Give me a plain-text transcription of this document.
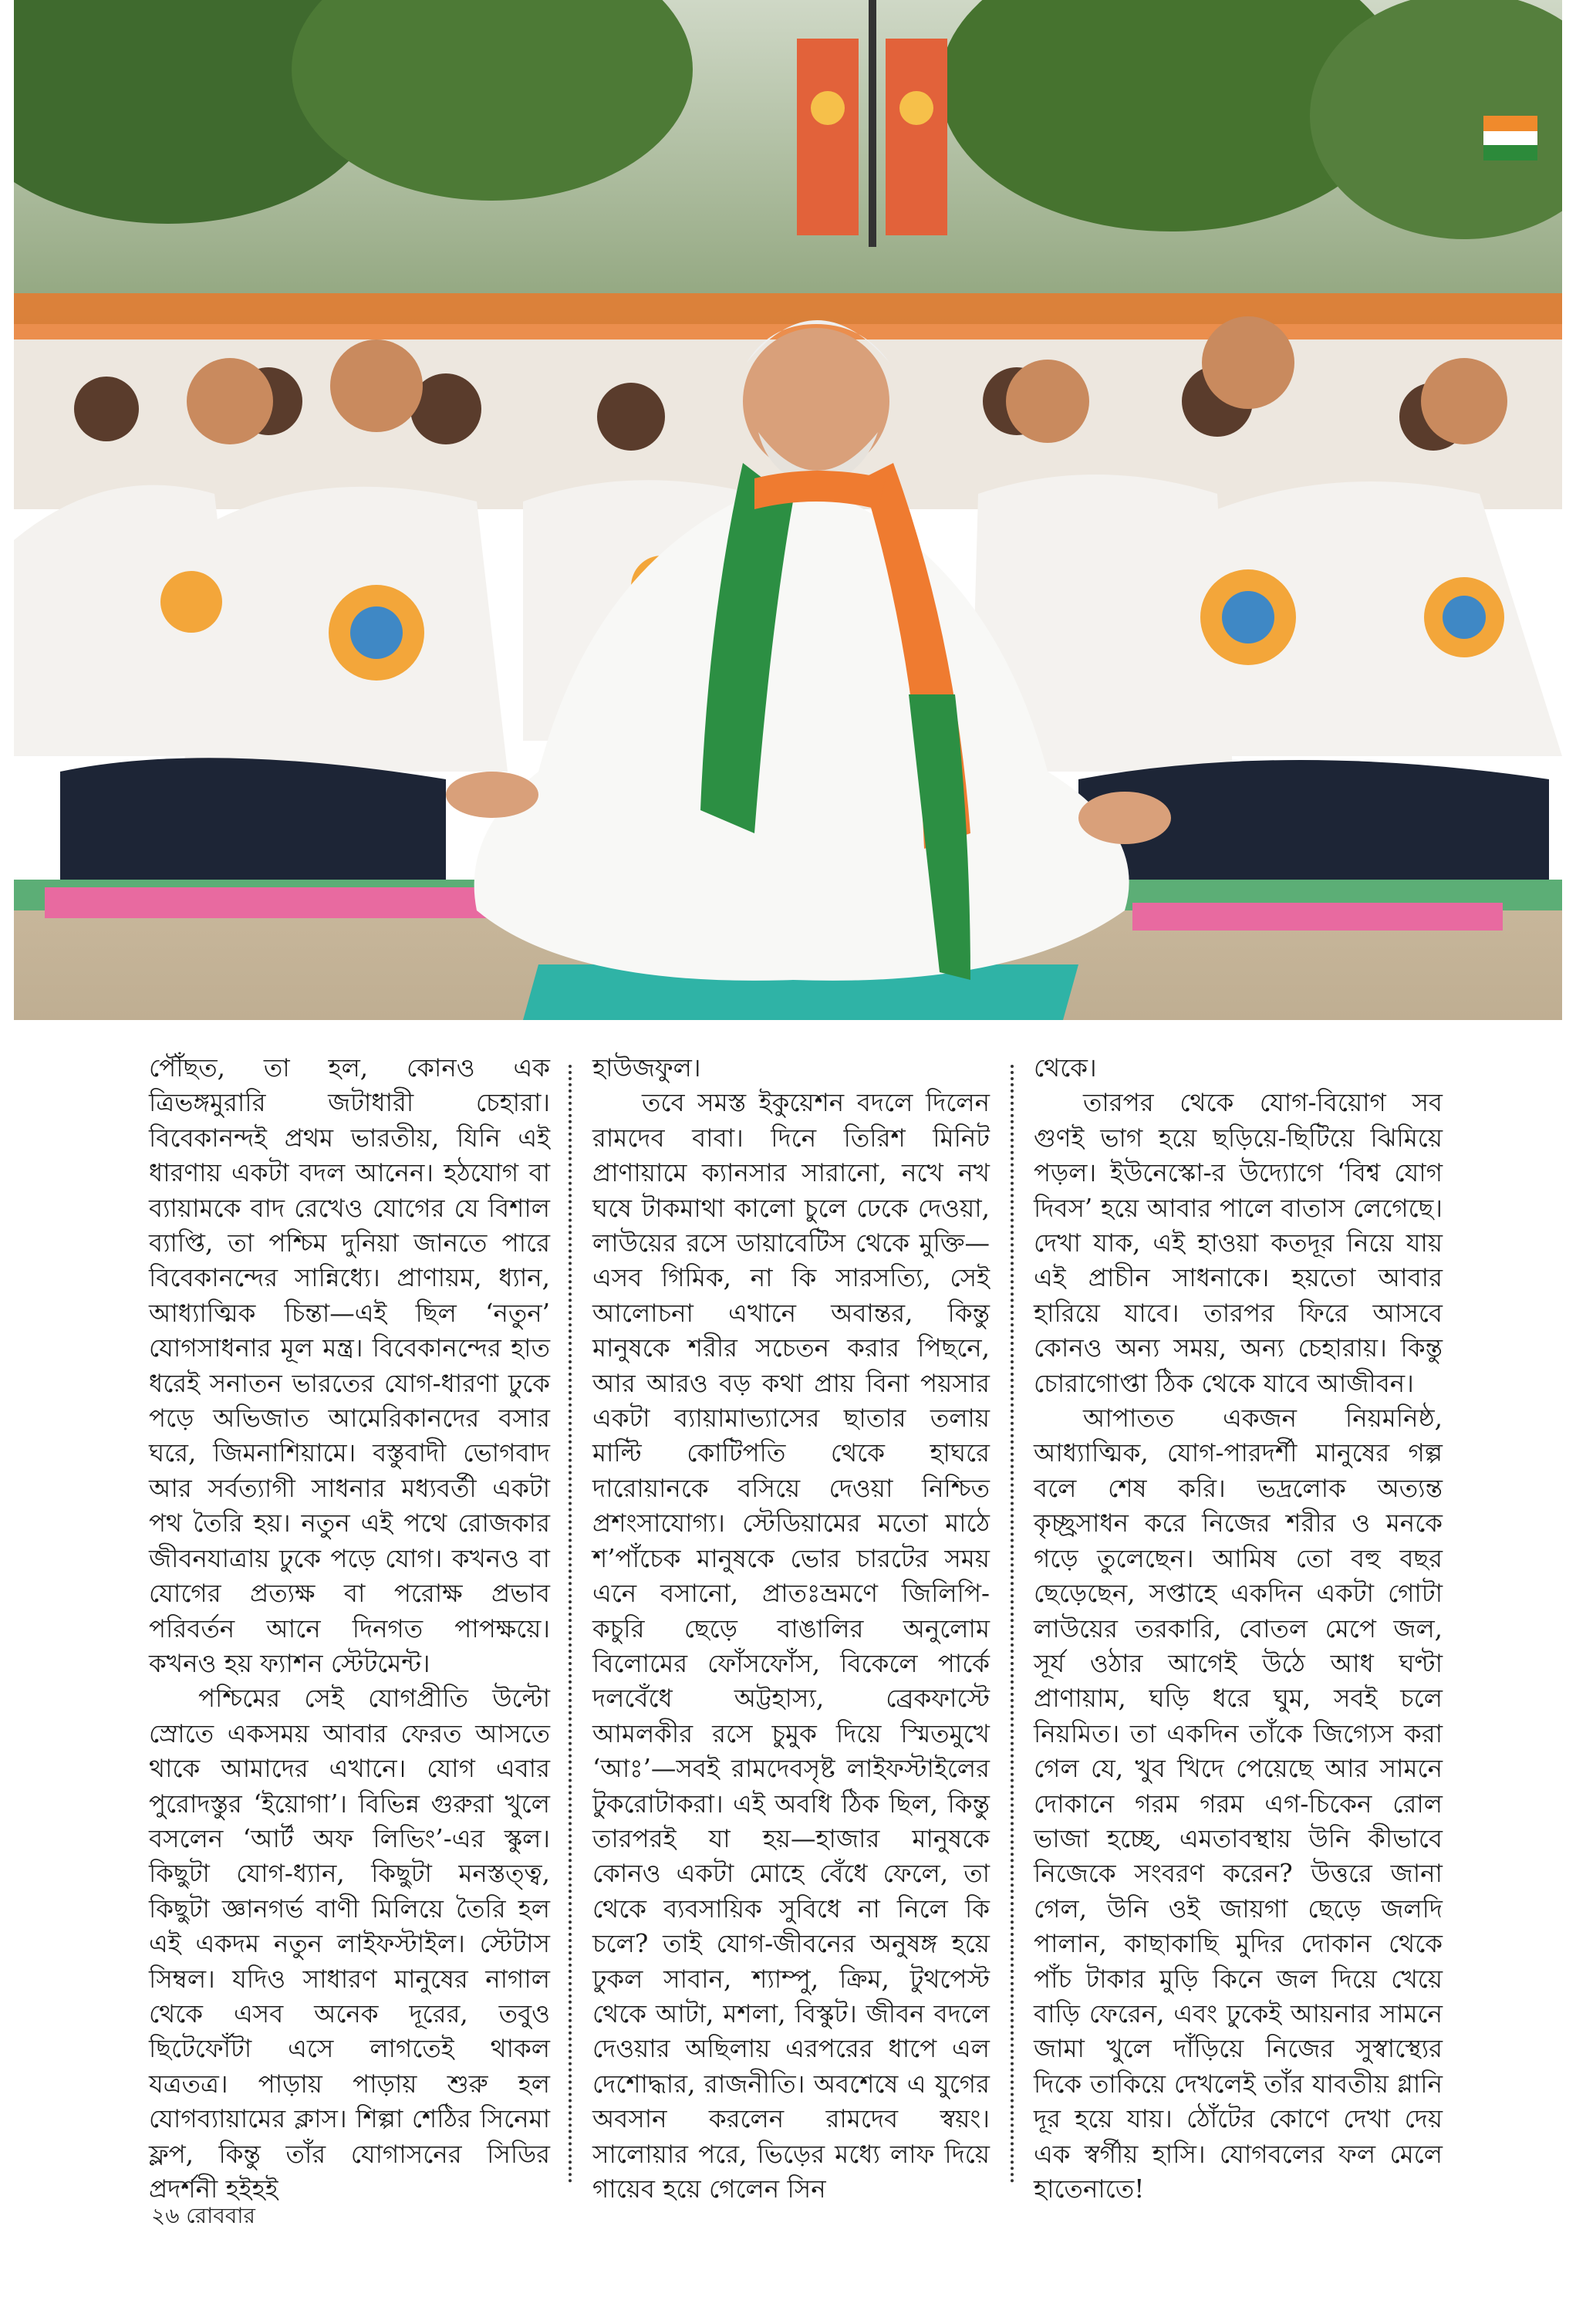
পৌঁছত, তা হল, কোনও এক ত্রিভঙ্গমুরারি জটাধারী চেহারা। বিবেকানন্দই প্রথম ভারতীয়, যিনি এই ধারণায় একটা বদল আনেন। হঠযোগ বা ব্যায়ামকে বাদ রেখেও যোগের যে বিশাল ব্যাপ্তি, তা পশ্চিম দুনিয়া জানতে পারে বিবেকানন্দের সান্নিধ্যে। প্রাণায়ম, ধ্যান, আধ্যাত্মিক চিন্তা—এই ছিল ‘নতুন’ যোগসাধনার মূল মন্ত্র। বিবেকানন্দের হাত ধরেই সনাতন ভারতের যোগ-ধারণা ঢুকে পড়ে অভিজাত আমেরিকানদের বসার ঘরে, জিমনাশিয়ামে। বস্তুবাদী ভোগবাদ আর সর্বত্যাগী সাধনার মধ্যবর্তী একটা পথ তৈরি হয়। নতুন এই পথে রোজকার জীবনযাত্রায় ঢুকে পড়ে যোগ। কখনও বা যোগের প্রত্যক্ষ বা পরোক্ষ প্রভাব পরিবর্তন আনে দিনগত পাপক্ষয়ে। কখনও হয় ফ্যাশন স্টেটমেন্ট।

পশ্চিমের সেই যোগপ্রীতি উল্টো স্রোতে একসময় আবার ফেরত আসতে থাকে আমাদের এখানে। যোগ এবার পুরোদস্তুর ‘ইয়োগা’। বিভিন্ন গুরুরা খুলে বসলেন ‘আর্ট অফ লিভিং’-এর স্কুল। কিছুটা যোগ-ধ্যান, কিছুটা মনস্তত্ত্ব, কিছুটা জ্ঞানগর্ভ বাণী মিলিয়ে তৈরি হল এই একদম নতুন লাইফস্টাইল। স্টেটাস সিম্বল। যদিও সাধারণ মানুষের নাগাল থেকে এসব অনেক দূরের, তবুও ছিটেফোঁটা এসে লাগতেই থাকল যত্রতত্র। পাড়ায় পাড়ায় শুরু হল যোগব্যায়ামের ক্লাস। শিল্পা শেঠির সিনেমা ফ্লপ, কিন্তু তাঁর যোগাসনের সিডির প্রদর্শনী হইহই

হাউজফুল।

তবে সমস্ত ইকুয়েশন বদলে দিলেন রামদেব বাবা। দিনে তিরিশ মিনিট প্রাণায়ামে ক্যানসার সারানো, নখে নখ ঘষে টাকমাথা কালো চুলে ঢেকে দেওয়া, লাউয়ের রসে ডায়াবেটিস থেকে মুক্তি—এসব গিমিক, না কি সারসত্যি, সেই আলোচনা এখানে অবান্তর, কিন্তু মানুষকে শরীর সচেতন করার পিছনে, আর আরও বড় কথা প্রায় বিনা পয়সার একটা ব্যায়ামাভ্যাসের ছাতার তলায় মাল্টি কোটিপতি থেকে হাঘরে দারোয়ানকে বসিয়ে দেওয়া নিশ্চিত প্রশংসাযোগ্য। স্টেডিয়ামের মতো মাঠে শ’পাঁচেক মানুষকে ভোর চারটের সময় এনে বসানো, প্রাতঃভ্রমণে জিলিপি-কচুরি ছেড়ে বাঙালির অনুলোম বিলোমের ফোঁসফোঁস, বিকেলে পার্কে দলবেঁধে অট্টহাস্য, ব্রেকফাস্টে আমলকীর রসে চুমুক দিয়ে স্মিতমুখে ‘আঃ’—সবই রামদেবসৃষ্ট লাইফস্টাইলের টুকরোটাকরা। এই অবধি ঠিক ছিল, কিন্তু তারপরই যা হয়—হাজার মানুষকে কোনও একটা মোহে বেঁধে ফেলে, তা থেকে ব্যবসায়িক সুবিধে না নিলে কি চলে? তাই যোগ-জীবনের অনুষঙ্গ হয়ে ঢুকল সাবান, শ্যাম্পু, ক্রিম, টুথপেস্ট থেকে আটা, মশলা, বিস্কুট। জীবন বদলে দেওয়ার অছিলায় এরপরের ধাপে এল দেশোদ্ধার, রাজনীতি। অবশেষে এ যুগের অবসান করলেন রামদেব স্বয়ং। সালোয়ার পরে, ভিড়ের মধ্যে লাফ দিয়ে গায়েব হয়ে গেলেন সিন

থেকে।

তারপর থেকে যোগ-বিয়োগ সব গুণই ভাগ হয়ে ছড়িয়ে-ছিটিয়ে ঝিমিয়ে পড়ল। ইউনেস্কো-র উদ্যোগে ‘বিশ্ব যোগ দিবস’ হয়ে আবার পালে বাতাস লেগেছে। দেখা যাক, এই হাওয়া কতদূর নিয়ে যায় এই প্রাচীন সাধনাকে। হয়তো আবার হারিয়ে যাবে। তারপর ফিরে আসবে কোনও অন্য সময়, অন্য চেহারায়। কিন্তু চোরাগোপ্তা ঠিক থেকে যাবে আজীবন।

আপাতত একজন নিয়মনিষ্ঠ, আধ্যাত্মিক, যোগ-পারদর্শী মানুষের গল্প বলে শেষ করি। ভদ্রলোক অত্যন্ত কৃচ্ছ্রসাধন করে নিজের শরীর ও মনকে গড়ে তুলেছেন। আমিষ তো বহু বছর ছেড়েছেন, সপ্তাহে একদিন একটা গোটা লাউয়ের তরকারি, বোতল মেপে জল, সূর্য ওঠার আগেই উঠে আধ ঘণ্টা প্রাণায়াম, ঘড়ি ধরে ঘুম, সবই চলে নিয়মিত। তা একদিন তাঁকে জিগ্যেস করা গেল যে, খুব খিদে পেয়েছে আর সামনে দোকানে গরম গরম এগ-চিকেন রোল ভাজা হচ্ছে, এমতাবস্থায় উনি কীভাবে নিজেকে সংবরণ করেন? উত্তরে জানা গেল, উনি ওই জায়গা ছেড়ে জলদি পালান, কাছাকাছি মুদির দোকান থেকে পাঁচ টাকার মুড়ি কিনে জল দিয়ে খেয়ে বাড়ি ফেরেন, এবং ঢুকেই আয়নার সামনে জামা খুলে দাঁড়িয়ে নিজের সুস্বাস্থ্যের দিকে তাকিয়ে দেখলেই তাঁর যাবতীয় গ্লানি দূর হয়ে যায়। ঠোঁটের কোণে দেখা দেয় এক স্বর্গীয় হাসি। যোগবলের ফল মেলে হাতেনাতে!

২৬ রোববার
